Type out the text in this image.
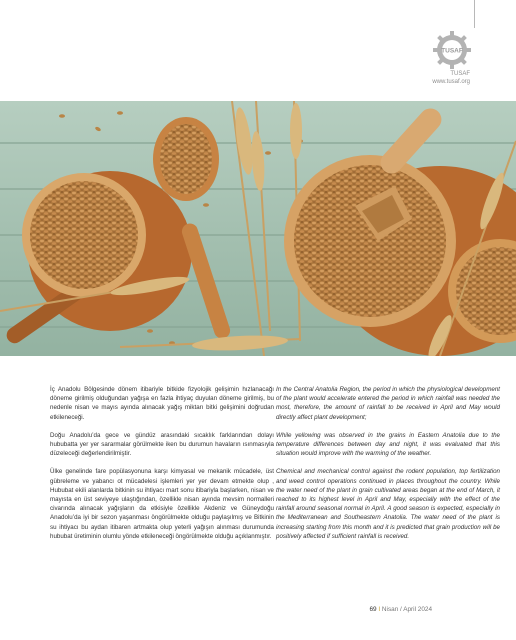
TUSAF
TUSAF
www.tusaf.org

İç Anadolu Bölgesinde dönem itibariyle bitkide fizyolojik gelişimin hızlanacağı döneme girilmiş olduğundan yağışa en fazla ihtiyaç duyulan döneme girilmiş, bu nedenle nisan ve mayıs ayında alınacak yağış miktarı bitki gelişimini doğrudan etkileneceği.

Doğu Anadolu’da gece ve gündüz arasındaki sıcaklık farklarından dolayı hububatta yer yer sararmalar görülmekte iken bu durumun havaların ısınmasıyla düzeleceği değerlendirilmiştir.

Ülke genelinde fare popülasyonuna karşı kimyasal ve mekanik mücadele, üst gübreleme ve yabancı ot mücadelesi işlemleri yer yer devam etmekte olup , Hububat ekili alanlarda bitkinin su ihtiyacı mart sonu itibariyla başlarken, nisan ve mayısta en üst seviyeye ulaştığından, özellikle nisan ayında mevsim normalleri civarında alınacak yağışların da etkisiyle özellikle Akdeniz ve Güneydoğu Anadolu’da iyi bir sezon yaşanması öngörülmekte olduğu paylaşılmış ve Bitkinin su ihtiyacı bu aydan itibaren artmakta olup yeterli yağışın alınması durumunda hububat üretiminin olumlu yönde etkileneceği öngörülmekte olduğu açıklanmıştır.

In the Central Anatolia Region, the period in which the physiological development of the plant would accelerate entered the period in which rainfall was needed the most, therefore, the amount of rainfall to be received in April and May would directly affect plant development;

While yellowing was observed in the grains in Eastern Anatolia due to the temperature differences between day and night, it was evaluated that this situation would improve with the warming of the weather.

Chemical and mechanical control against the rodent population, top fertilization and weed control operations continued in places throughout the country. While the water need of the plant in grain cultivated areas began at the end of March, it reached to its highest level in April and May, especially with the effect of the rainfall around seasonal normal in April. A good season is expected, especially in the Mediterranean and Southeastern Anatolia. The water need of the plant is increasing starting from this month and it is predicted that grain production will be positively affected if sufficient rainfall is received.

69 I Nisan / April 2024
